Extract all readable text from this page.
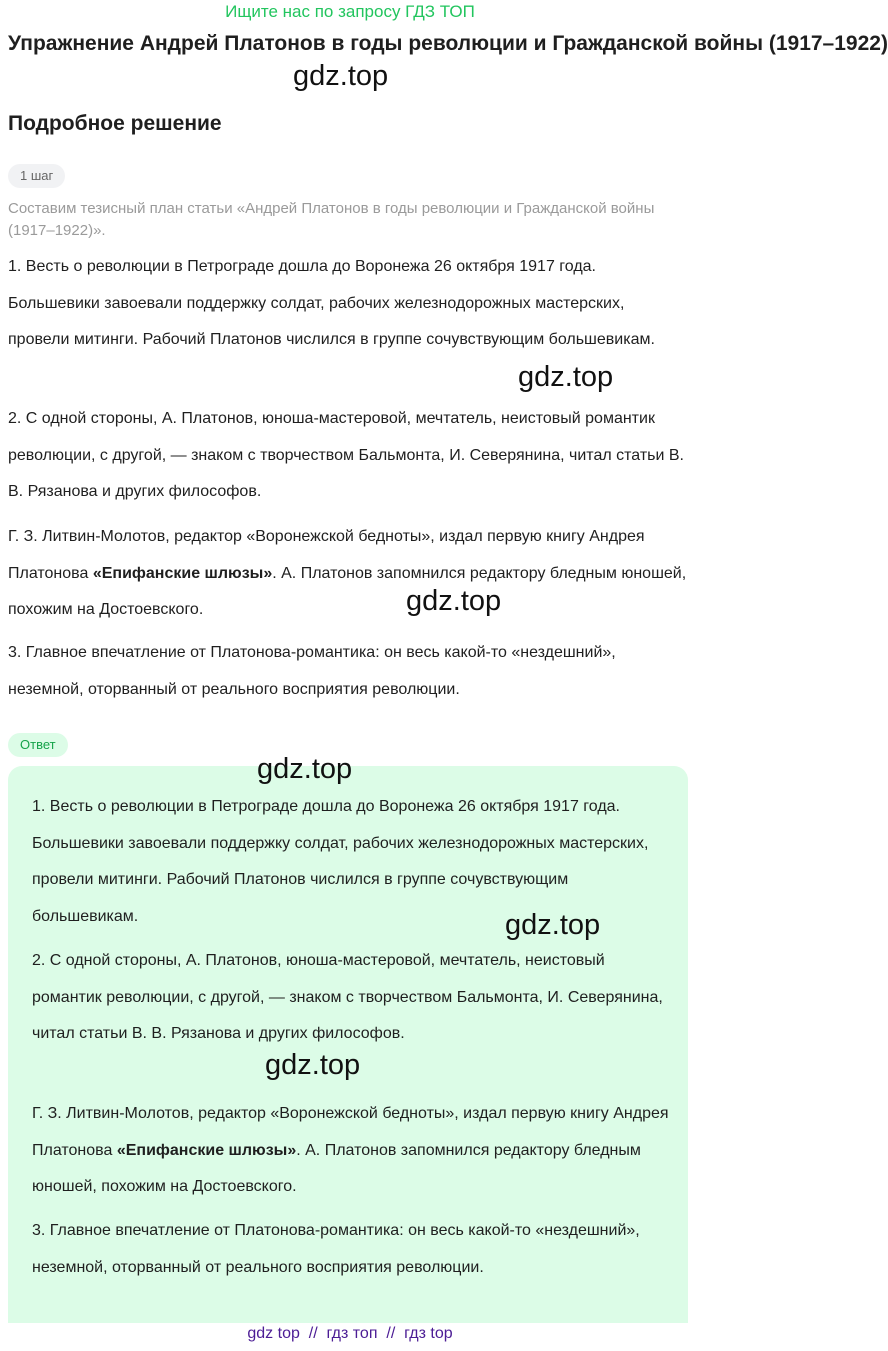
Ищите нас по запросу ГДЗ ТОП
Упражнение Андрей Платонов в годы революции и Гражданской войны (1917–1922)
gdz.top
Подробное решение
1 шаг
Составим тезисный план статьи «Андрей Платонов в годы революции и Гражданской войны (1917–1922)».
1. Весть о революции в Петрограде дошла до Воронежа 26 октября 1917 года. Большевики завоевали поддержку солдат, рабочих железнодорожных мастерских, провели митинги. Рабочий Платонов числился в группе сочувствующим большевикам.
gdz.top
2. С одной стороны, А. Платонов, юноша-мастеровой, мечтатель, неистовый романтик революции, с другой, — знаком с творчеством Бальмонта, И. Северянина, читал статьи В. В. Рязанова и других философов.
Г. З. Литвин-Молотов, редактор «Воронежской бедноты», издал первую книгу Андрея Платонова «Епифанские шлюзы». А. Платонов запомнился редактору бледным юношей, похожим на Достоевского.	gdz.top
3. Главное впечатление от Платонова-романтика: он весь какой-то «нездешний», неземной, оторванный от реального восприятия революции.
Ответ
gdz.top
1. Весть о революции в Петрограде дошла до Воронежа 26 октября 1917 года. Большевики завоевали поддержку солдат, рабочих железнодорожных мастерских, провели митинги. Рабочий Платонов числился в группе сочувствующим большевикам.	gdz.top
2. С одной стороны, А. Платонов, юноша-мастеровой, мечтатель, неистовый романтик революции, с другой, — знаком с творчеством Бальмонта, И. Северянина, читал статьи В. В. Рязанова и других философов.
gdz.top
Г. З. Литвин-Молотов, редактор «Воронежской бедноты», издал первую книгу Андрея Платонова «Епифанские шлюзы». А. Платонов запомнился редактору бледным юношей, похожим на Достоевского.
3. Главное впечатление от Платонова-романтика: он весь какой-то «нездешний», неземной, оторванный от реального восприятия революции.
gdz top  //  гдз топ  //  гдз top
